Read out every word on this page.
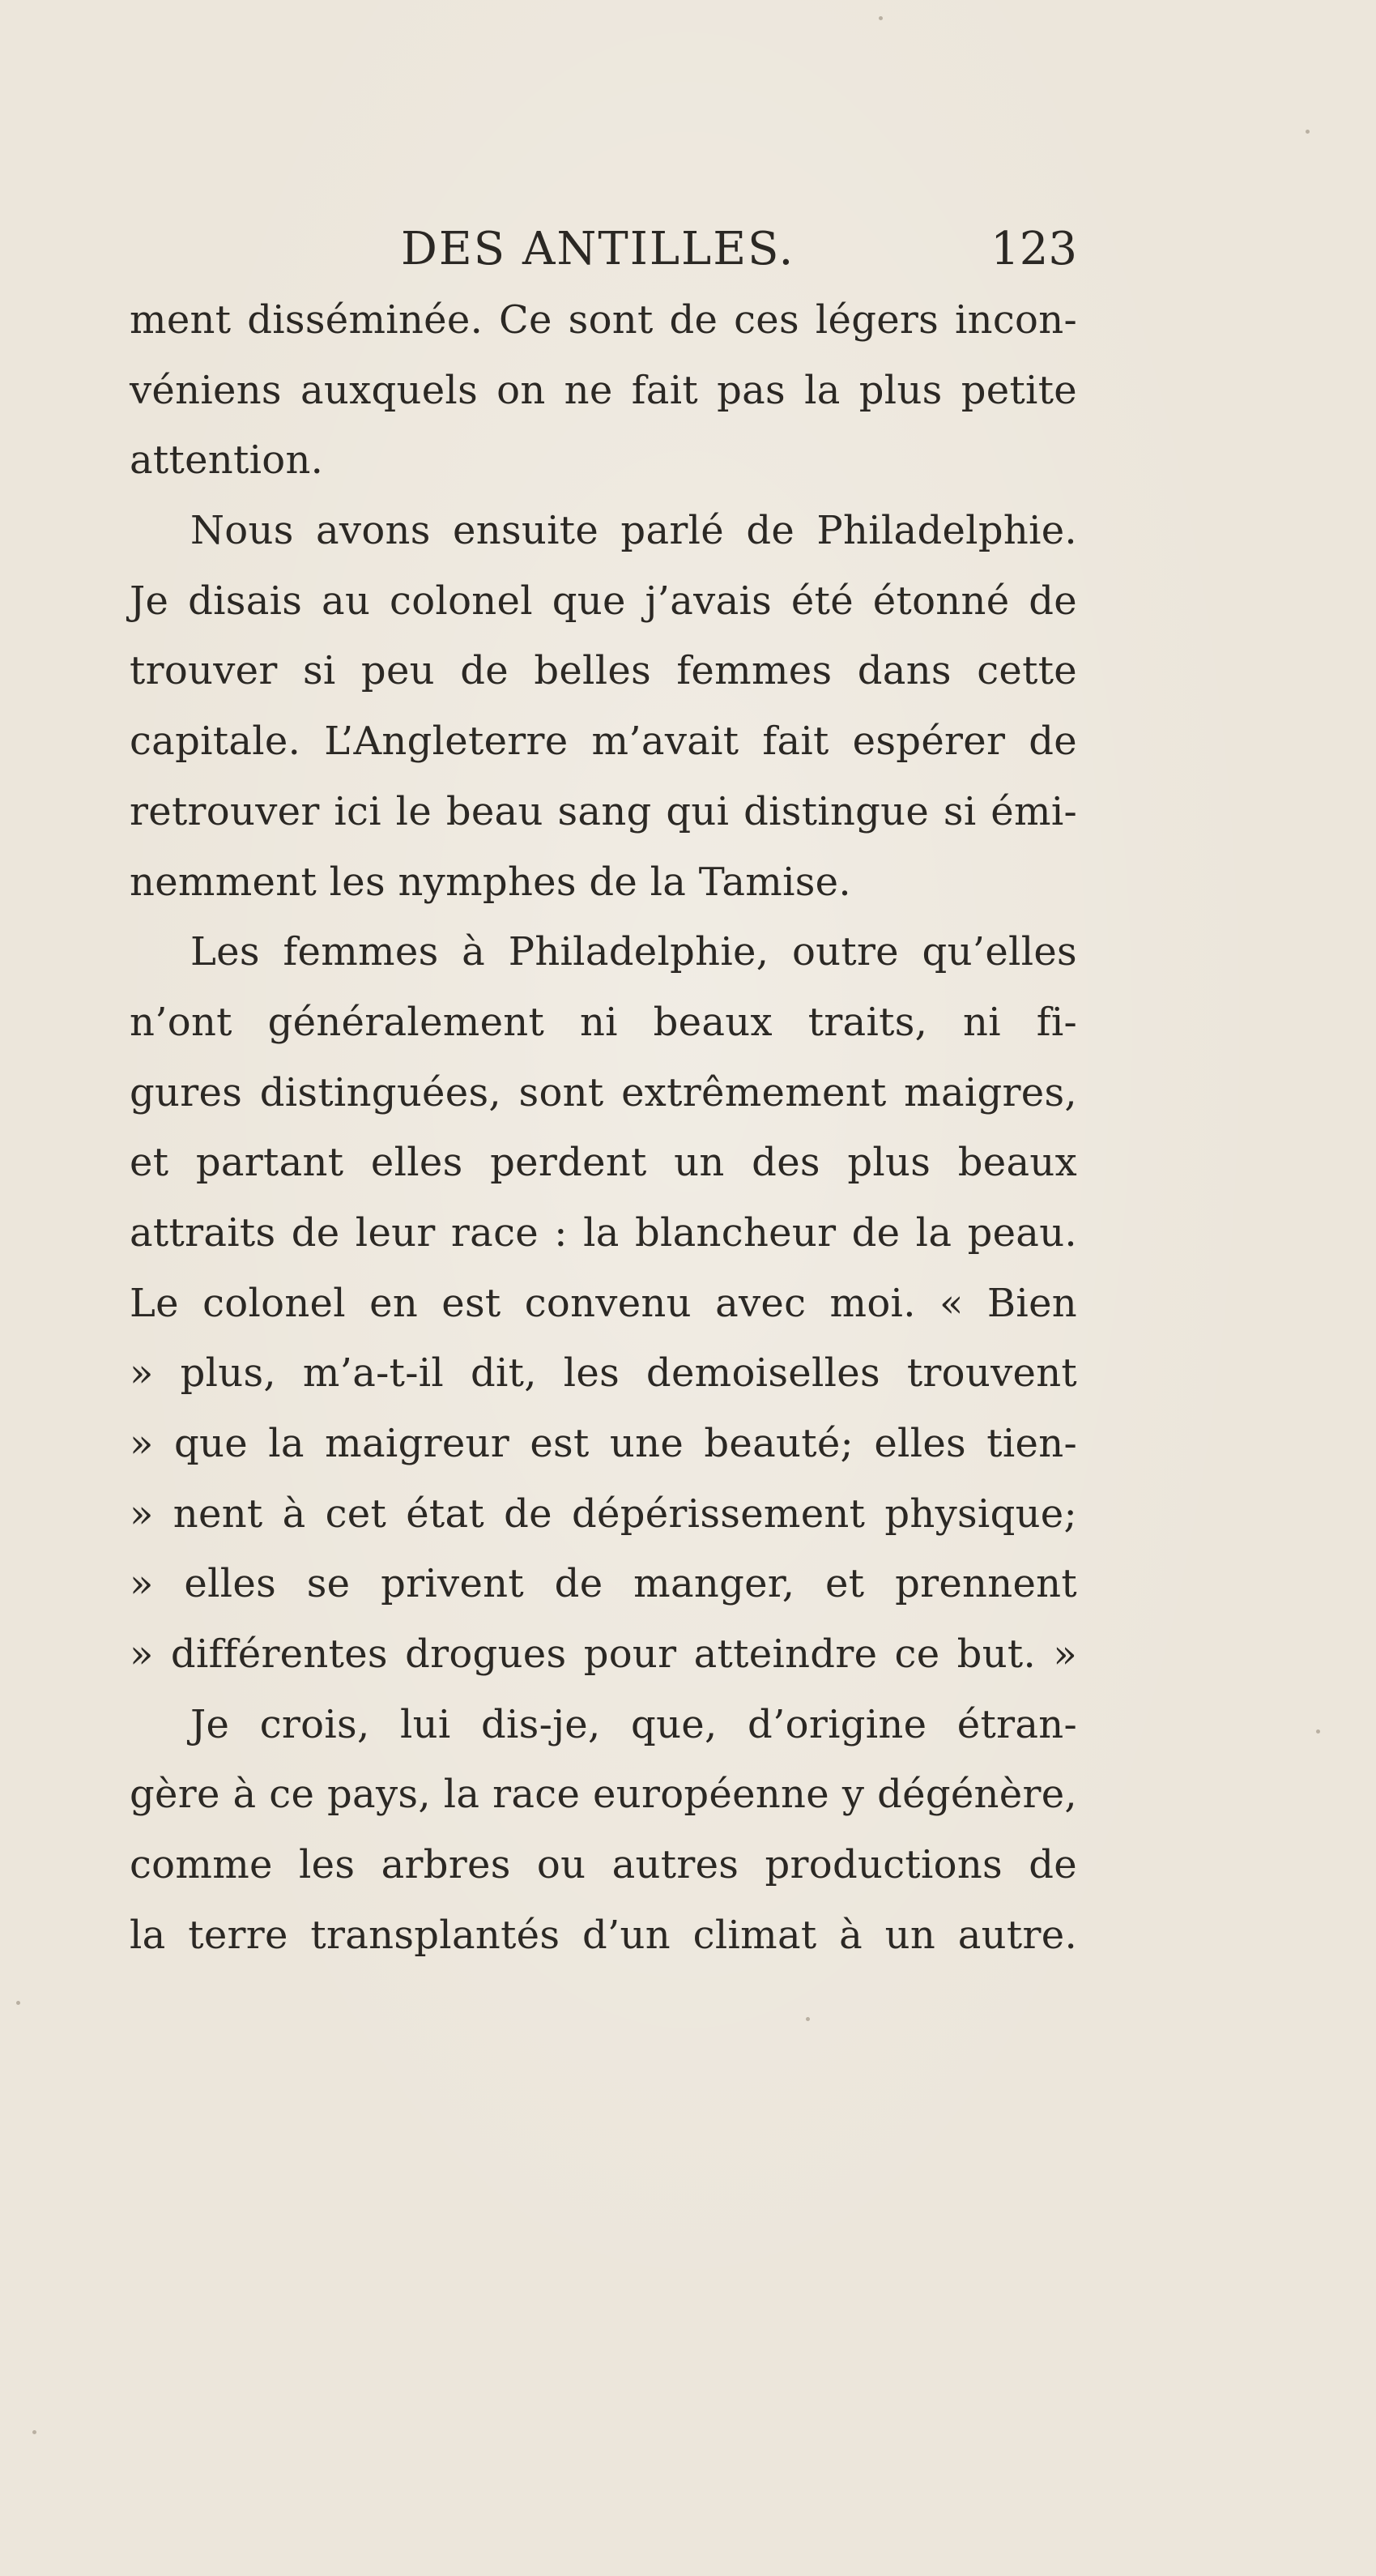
DES ANTILLES.	123
ment disséminée. Ce sont de ces légers incon-
véniens auxquels on ne fait pas la plus petite
attention.
Nous avons ensuite parlé de Philadelphie.
Je disais au colonel que j’avais été étonné de
trouver si peu de belles femmes dans cette
capitale. L’Angleterre m’avait fait espérer de
retrouver ici le beau sang qui distingue si émi-
nemment les nymphes de la Tamise.
Les femmes à Philadelphie, outre qu’elles
n’ont généralement ni beaux traits, ni fi-
gures distinguées, sont extrêmement maigres,
et partant elles perdent un des plus beaux
attraits de leur race : la blancheur de la peau.
Le colonel en est convenu avec moi. « Bien
» plus, m’a-t-il dit, les demoiselles trouvent
» que la maigreur est une beauté; elles tien-
» nent à cet état de dépérissement physique;
» elles se privent de manger, et prennent
» différentes drogues pour atteindre ce but. »
Je crois, lui dis-je, que, d’origine étran-
gère à ce pays, la race européenne y dégénère,
comme les arbres ou autres productions de
la terre transplantés d’un climat à un autre.
